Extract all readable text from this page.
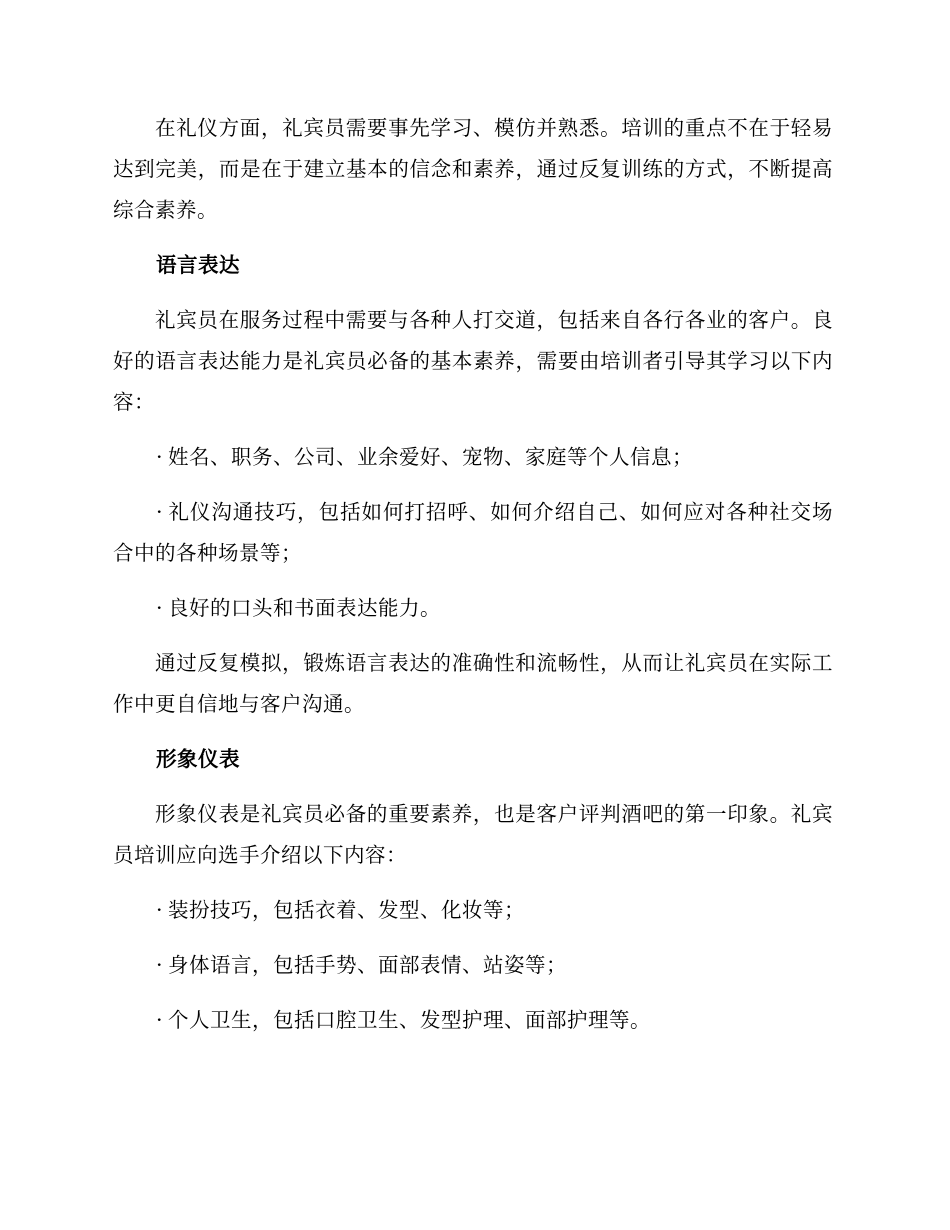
在礼仪方面，礼宾员需要事先学习、模仿并熟悉。培训的重点不在于轻易达到完美，而是在于建立基本的信念和素养，通过反复训练的方式，不断提高综合素养。

语言表达

礼宾员在服务过程中需要与各种人打交道，包括来自各行各业的客户。良好的语言表达能力是礼宾员必备的基本素养，需要由培训者引导其学习以下内容：

· 姓名、职务、公司、业余爱好、宠物、家庭等个人信息；

· 礼仪沟通技巧，包括如何打招呼、如何介绍自己、如何应对各种社交场合中的各种场景等；

· 良好的口头和书面表达能力。

通过反复模拟，锻炼语言表达的准确性和流畅性，从而让礼宾员在实际工作中更自信地与客户沟通。

形象仪表

形象仪表是礼宾员必备的重要素养，也是客户评判酒吧的第一印象。礼宾员培训应向选手介绍以下内容：

· 装扮技巧，包括衣着、发型、化妆等；

· 身体语言，包括手势、面部表情、站姿等；

· 个人卫生，包括口腔卫生、发型护理、面部护理等。
